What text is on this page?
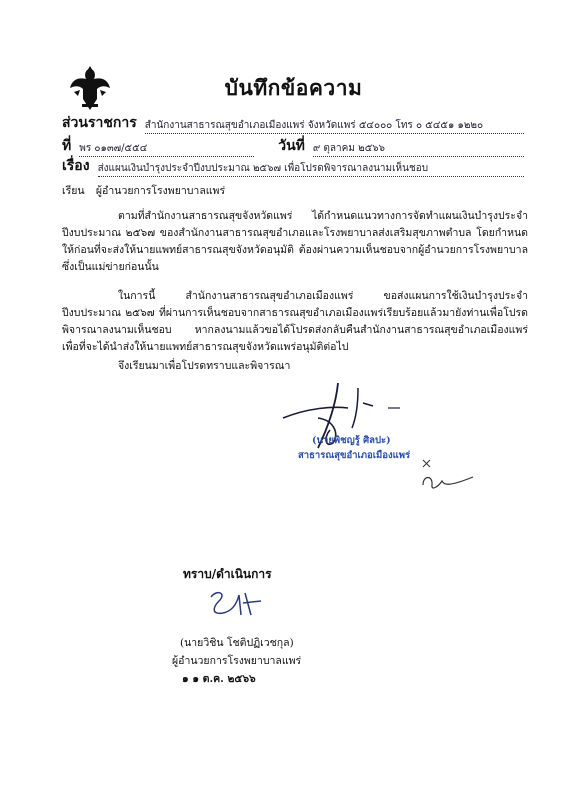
บันทึกข้อความ
ส่วนราชการ สำนักงานสาธารณสุขอำเภอเมืองแพร่ จังหวัดแพร่ ๕๔๐๐๐ โทร ๐ ๕๔๕๑ ๑๒๒๐
ที่ พร ๐๑๓๗/๕๕๔	วันที่ ๙ ตุลาคม ๒๕๖๖
เรื่อง ส่งแผนเงินบำรุงประจำปีงบประมาณ ๒๕๖๗ เพื่อโปรดพิจารณาลงนามเห็นชอบ
เรียน ผู้อำนวยการโรงพยาบาลแพร่
ตามที่สำนักงานสาธารณสุขจังหวัดแพร่ ได้กำหนดแนวทางการจัดทำแผนเงินบำรุงประจำปีงบประมาณ ๒๕๖๗ ของสำนักงานสาธารณสุขอำเภอและโรงพยาบาลส่งเสริมสุขภาพตำบล โดยกำหนดให้ก่อนที่จะส่งให้นายแพทย์สาธารณสุขจังหวัดอนุมัติ ต้องผ่านความเห็นชอบจากผู้อำนวยการโรงพยาบาลซึ่งเป็นแม่ข่ายก่อนนั้น
ในการนี้ สำนักงานสาธารณสุขอำเภอเมืองแพร่ ขอส่งแผนการใช้เงินบำรุงประจำปีงบประมาณ ๒๕๖๗ ที่ผ่านการเห็นชอบจากสาธารณสุขอำเภอเมืองแพร่เรียบร้อยแล้วมายังท่านเพื่อโปรดพิจารณาลงนามเห็นชอบ หากลงนามแล้วขอได้โปรดส่งกลับคืนสำนักงานสาธารณสุขอำเภอเมืองแพร่ เพื่อที่จะได้นำส่งให้นายแพทย์สาธารณสุขจังหวัดแพร่อนุมัติต่อไป
จึงเรียนมาเพื่อโปรดทราบและพิจารณา
(นายพิชญรู้ ศิลปะ)
สาธารณสุขอำเภอเมืองแพร่
ทราบ/ดำเนินการ
(นายวิชิน โชติปฏิเวชกุล)
ผู้อำนวยการโรงพยาบาลแพร่
๑ ๑ ต.ค. ๒๕๖๖
